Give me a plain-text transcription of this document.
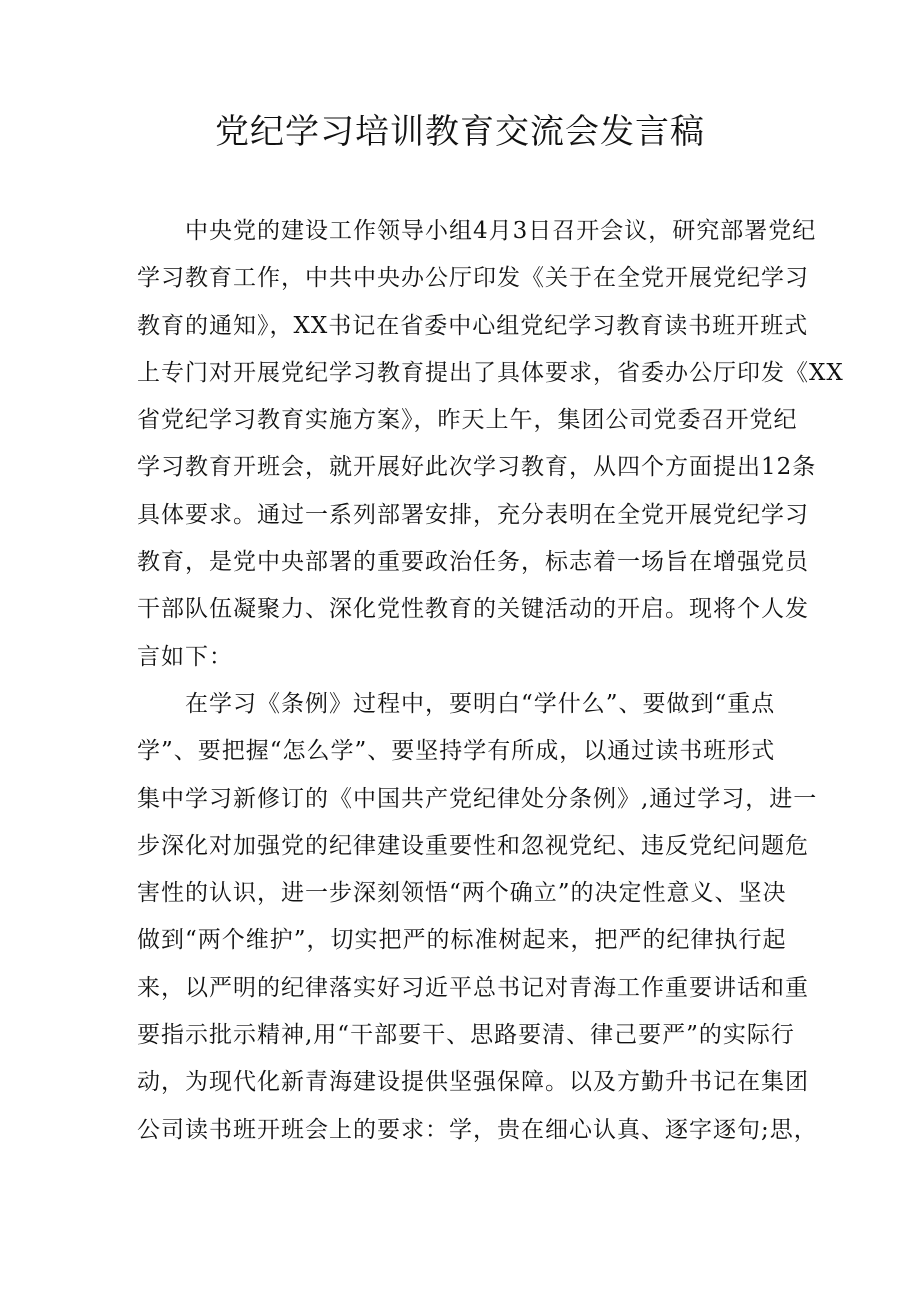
党纪学习培训教育交流会发言稿

中央党的建设工作领导小组4月3日召开会议，研究部署党纪
学习教育工作，中共中央办公厅印发《关于在全党开展党纪学习
教育的通知》，XX书记在省委中心组党纪学习教育读书班开班式
上专门对开展党纪学习教育提出了具体要求，省委办公厅印发《XX
省党纪学习教育实施方案》，昨天上午，集团公司党委召开党纪
学习教育开班会，就开展好此次学习教育，从四个方面提出12条
具体要求。通过一系列部署安排，充分表明在全党开展党纪学习
教育，是党中央部署的重要政治任务，标志着一场旨在增强党员
干部队伍凝聚力、深化党性教育的关键活动的开启。现将个人发
言如下：

在学习《条例》过程中，要明白“学什么”、要做到“重点
学”、要把握“怎么学”、要坚持学有所成，以通过读书班形式
集中学习新修订的《中国共产党纪律处分条例》,通过学习，进一
步深化对加强党的纪律建设重要性和忽视党纪、违反党纪问题危
害性的认识，进一步深刻领悟“两个确立”的决定性意义、坚决
做到“两个维护”，切实把严的标准树起来，把严的纪律执行起
来，以严明的纪律落实好习近平总书记对青海工作重要讲话和重
要指示批示精神,用“干部要干、思路要清、律己要严”的实际行
动，为现代化新青海建设提供坚强保障。以及方勤升书记在集团
公司读书班开班会上的要求：学，贵在细心认真、逐字逐句;思，
